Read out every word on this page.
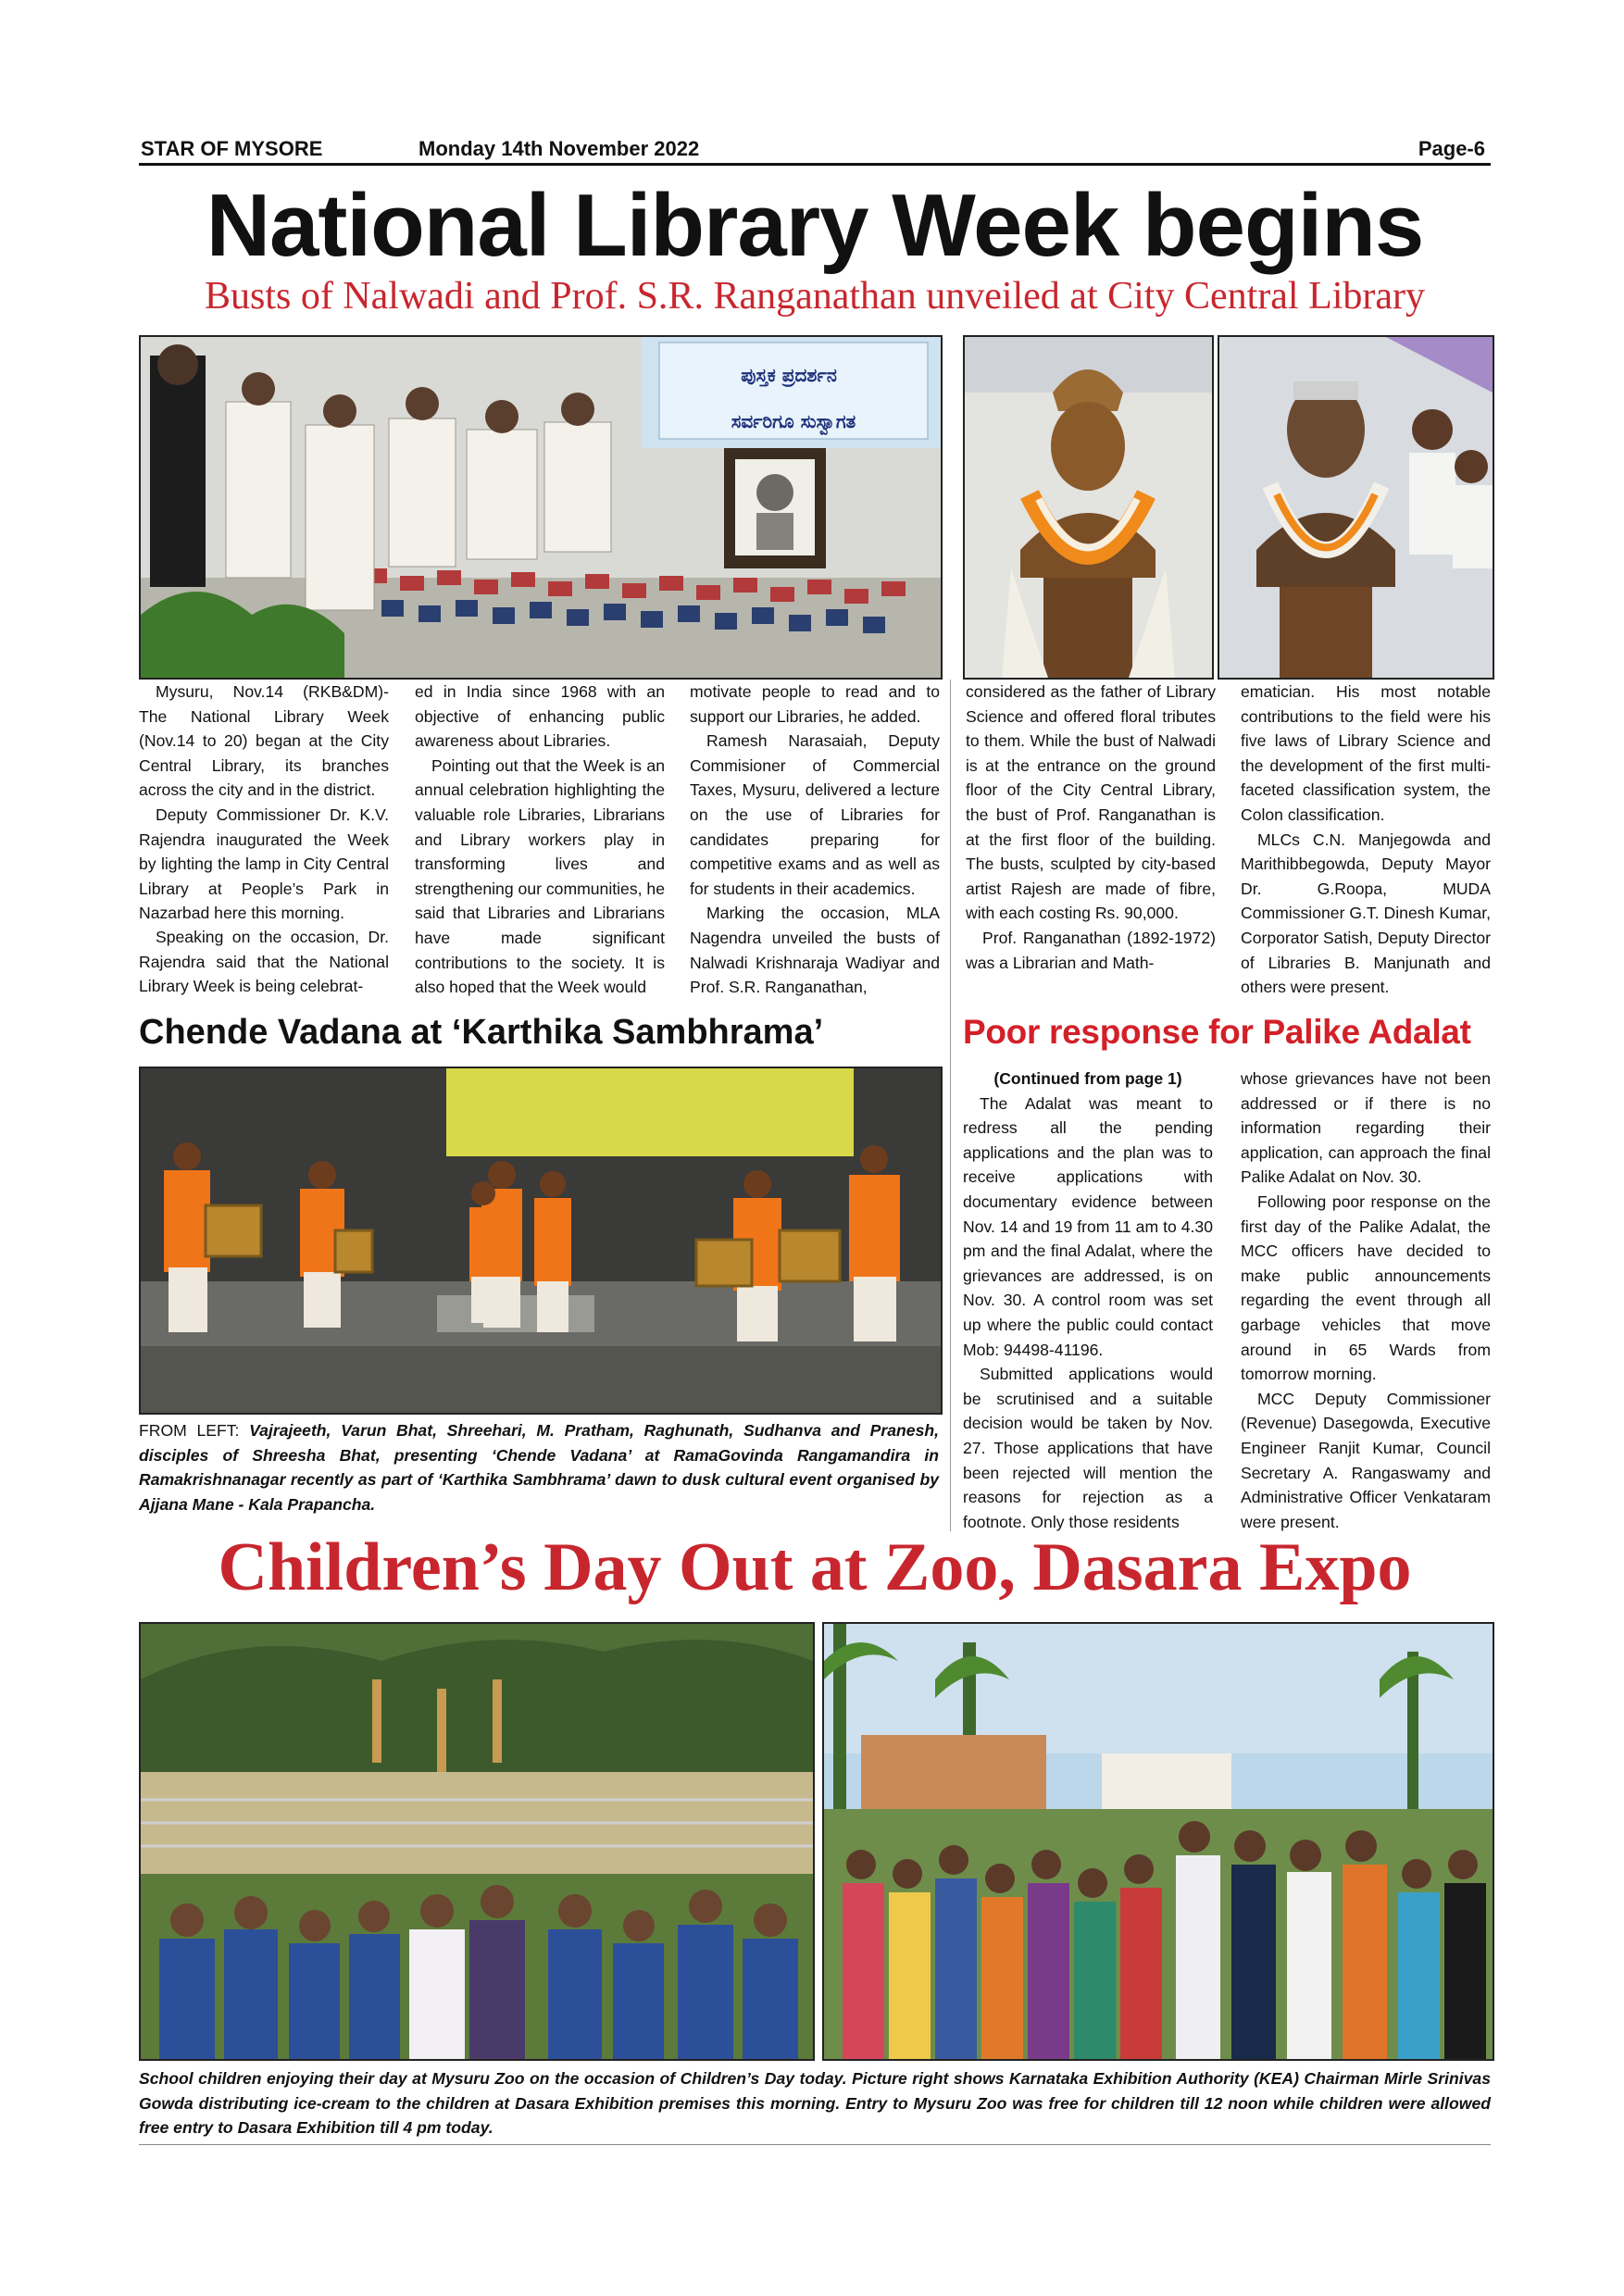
STAR OF MYSORE	Monday 14th November 2022	Page-6
National Library Week begins
Busts of Nalwadi and Prof. S.R. Ranganathan unveiled at City Central Library
ಪುಸ್ತಕ ಪ್ರದರ್ಶನ
ಸರ್ವರಿಗೂ ಸುಸ್ವಾಗತ

Mysuru, Nov.14 (RKB&DM)- The National Library Week (Nov.14 to 20) began at the City Central Library, its branches across the city and in the district.

Deputy Commissioner Dr. K.V. Rajendra inaugurated the Week by lighting the lamp in City Central Library at People’s Park in Nazarbad here this morning.

Speaking on the occasion, Dr. Rajendra said that the National Library Week is being celebrat-

ed in India since 1968 with an objective of enhancing public awareness about Libraries.

Pointing out that the Week is an annual celebration highlighting the valuable role Libraries, Librarians and Library workers play in transforming lives and strengthening our communities, he said that Libraries and Librarians have made significant contributions to the society. It is also hoped that the Week would

motivate people to read and to support our Libraries, he added.

Ramesh Narasaiah, Deputy Commisioner of Commercial Taxes, Mysuru, delivered a lecture on the use of Libraries for candidates preparing for competitive exams and as well as for students in their academics.

Marking the occasion, MLA Nagendra unveiled the busts of Nalwadi Krishnaraja Wadiyar and Prof. S.R. Ranganathan,

considered as the father of Library Science and offered floral tributes to them. While the bust of Nalwadi is at the entrance on the ground floor of the City Central Library, the bust of Prof. Ranganathan is at the first floor of the building. The busts, sculpted by city-based artist Rajesh are made of fibre, with each costing Rs. 90,000.

Prof. Ranganathan (1892-1972) was a Librarian and Math-

ematician. His most notable contributions to the field were his five laws of Library Science and the development of the first multi-faceted classification system, the Colon classification.

MLCs C.N. Manjegowda and Marithibbegowda, Deputy Mayor Dr. G.Roopa, MUDA Commissioner G.T. Dinesh Kumar, Corporator Satish, Deputy Director of Libraries B. Manjunath and others were present.

Chende Vadana at ‘Karthika Sambhrama’
FROM LEFT: Vajrajeeth, Varun Bhat, Shreehari, M. Pratham, Raghunath, Sudhanva and Pranesh, disciples of Shreesha Bhat, presenting ‘Chende Vadana’ at RamaGovinda Rangamandira in Ramakrishnanagar recently as part of ‘Karthika Sambhrama’ dawn to dusk cultural event organised by Ajjana Mane - Kala Prapancha.
Poor response for Palike Adalat
(Continued from page 1)

The Adalat was meant to redress all the pending applications and the plan was to receive applications with documentary evidence between Nov. 14 and 19 from 11 am to 4.30 pm and the final Adalat, where the grievances are addressed, is on Nov. 30. A control room was set up where the public could contact Mob: 94498-41196.

Submitted applications would be scrutinised and a suitable decision would be taken by Nov. 27. Those applications that have been rejected will mention the reasons for rejection as a footnote. Only those residents

whose grievances have not been addressed or if there is no information regarding their application, can approach the final Palike Adalat on Nov. 30.

Following poor response on the first day of the Palike Adalat, the MCC officers have decided to make public announcements regarding the event through all garbage vehicles that move around in 65 Wards from tomorrow morning.

MCC Deputy Commissioner (Revenue) Dasegowda, Executive Engineer Ranjit Kumar, Council Secretary A. Rangaswamy and Administrative Officer Venkataram were present.

Children’s Day Out at Zoo, Dasara Expo
School children enjoying their day at Mysuru Zoo on the occasion of Children’s Day today. Picture right shows Karnataka Exhibition Authority (KEA) Chairman Mirle Srinivas Gowda distributing ice-cream to the children at Dasara Exhibition premises this morning. Entry to Mysuru Zoo was free for children till 12 noon while children were allowed free entry to Dasara Exhibition till 4 pm today.
